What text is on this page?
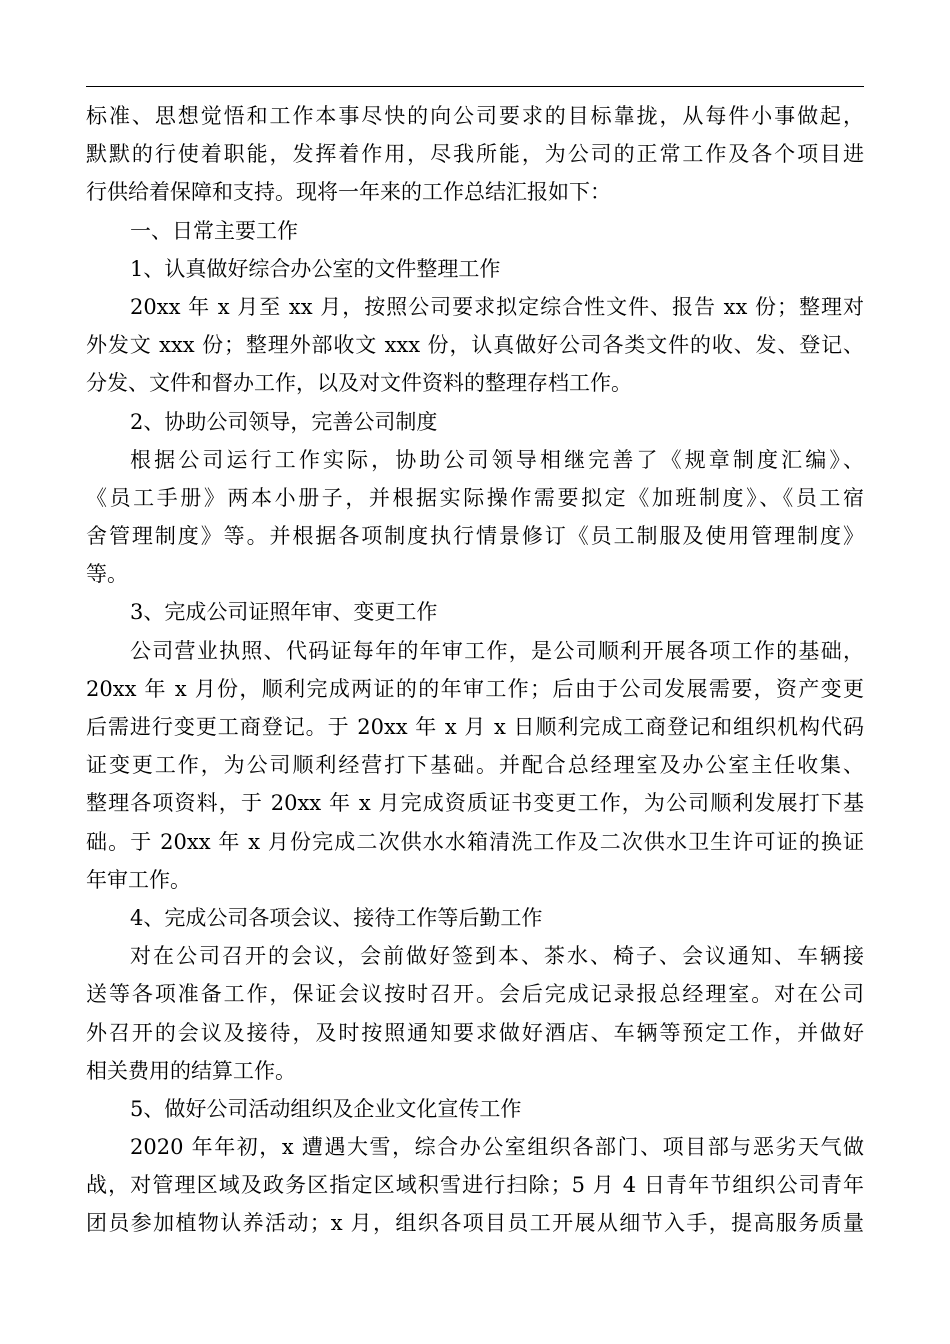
标准、思想觉悟和工作本事尽快的向公司要求的目标靠拢，从每件小事做起，
默默的行使着职能，发挥着作用，尽我所能，为公司的正常工作及各个项目进
行供给着保障和支持。现将一年来的工作总结汇报如下：
一、日常主要工作
1、认真做好综合办公室的文件整理工作
20xx 年 x 月至 xx 月，按照公司要求拟定综合性文件、报告 xx 份；整理对
外发文 xxx 份；整理外部收文 xxx 份，认真做好公司各类文件的收、发、登记、
分发、文件和督办工作，以及对文件资料的整理存档工作。
2、协助公司领导，完善公司制度
根据公司运行工作实际，协助公司领导相继完善了《规章制度汇编》、
《员工手册》两本小册子，并根据实际操作需要拟定《加班制度》、《员工宿
舍管理制度》等。并根据各项制度执行情景修订《员工制服及使用管理制度》
等。
3、完成公司证照年审、变更工作
公司营业执照、代码证每年的年审工作，是公司顺利开展各项工作的基础，
20xx 年 x 月份，顺利完成两证的的年审工作；后由于公司发展需要，资产变更
后需进行变更工商登记。于 20xx 年 x 月 x 日顺利完成工商登记和组织机构代码
证变更工作，为公司顺利经营打下基础。并配合总经理室及办公室主任收集、
整理各项资料，于 20xx 年 x 月完成资质证书变更工作，为公司顺利发展打下基
础。于 20xx 年 x 月份完成二次供水水箱清洗工作及二次供水卫生许可证的换证
年审工作。
4、完成公司各项会议、接待工作等后勤工作
对在公司召开的会议，会前做好签到本、茶水、椅子、会议通知、车辆接
送等各项准备工作，保证会议按时召开。会后完成记录报总经理室。对在公司
外召开的会议及接待，及时按照通知要求做好酒店、车辆等预定工作，并做好
相关费用的结算工作。
5、做好公司活动组织及企业文化宣传工作
2020 年年初，x 遭遇大雪，综合办公室组织各部门、项目部与恶劣天气做
战，对管理区域及政务区指定区域积雪进行扫除；5 月 4 日青年节组织公司青年
团员参加植物认养活动；x 月，组织各项目员工开展从细节入手，提高服务质量
